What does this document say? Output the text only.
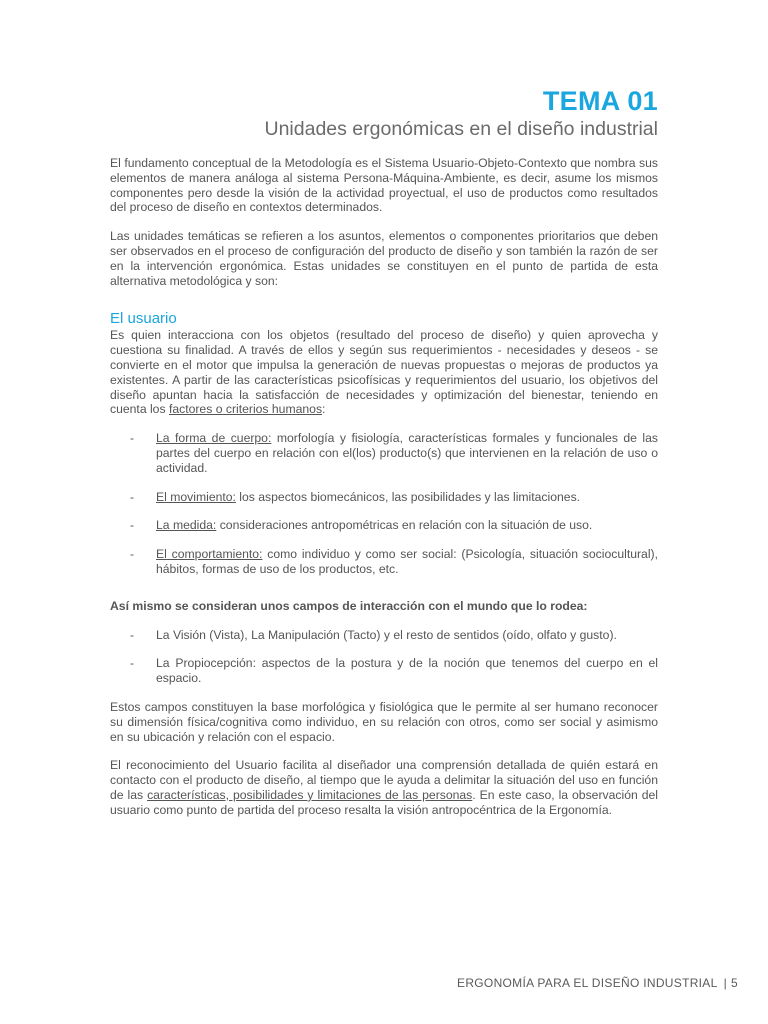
TEMA 01
Unidades ergonómicas en el diseño industrial

El fundamento conceptual de la Metodología es el Sistema Usuario-Objeto-Contexto que nombra sus elementos de manera análoga al sistema Persona-Máquina-Ambiente, es decir, asume los mismos componentes pero desde la visión de la actividad proyectual, el uso de productos como resultados del proceso de diseño en contextos determinados.

Las unidades temáticas se refieren a los asuntos, elementos o componentes prioritarios que deben ser observados en el proceso de configuración del producto de diseño y son también la razón de ser en la intervención ergonómica. Estas unidades se constituyen en el punto de partida de esta alternativa metodológica y son:

El usuario

Es quien interacciona con los objetos (resultado del proceso de diseño) y quien aprovecha y cuestiona su finalidad. A través de ellos y según sus requerimientos - necesidades y deseos - se convierte en el motor que impulsa la generación de nuevas propuestas o mejoras de productos ya existentes. A partir de las características psicofísicas y requerimientos del usuario, los objetivos del diseño apuntan hacia la satisfacción de necesidades y optimización del bienestar, teniendo en cuenta los factores o criterios humanos:

- La forma de cuerpo: morfología y fisiología, características formales y funcionales de las partes del cuerpo en relación con el(los) producto(s) que intervienen en la relación de uso o actividad.
- El movimiento: los aspectos biomecánicos, las posibilidades y las limitaciones.
- La medida: consideraciones antropométricas en relación con la situación de uso.
- El comportamiento: como individuo y como ser social: (Psicología, situación sociocultural), hábitos, formas de uso de los productos, etc.

Así mismo se consideran unos campos de interacción con el mundo que lo rodea:

- La Visión (Vista), La Manipulación (Tacto) y el resto de sentidos (oído, olfato y gusto).
- La Propiocepción: aspectos de la postura y de la noción que tenemos del cuerpo en el espacio.

Estos campos constituyen la base morfológica y fisiológica que le permite al ser humano reconocer su dimensión física/cognitiva como individuo, en su relación con otros, como ser social y asimismo en su ubicación y relación con el espacio.

El reconocimiento del Usuario facilita al diseñador una comprensión detallada de quién estará en contacto con el producto de diseño, al tiempo que le ayuda a delimitar la situación del uso en función de las características, posibilidades y limitaciones de las personas. En este caso, la observación del usuario como punto de partida del proceso resalta la visión antropocéntrica de la Ergonomía.

ERGONOMÍA PARA EL DISEÑO INDUSTRIAL | 5
